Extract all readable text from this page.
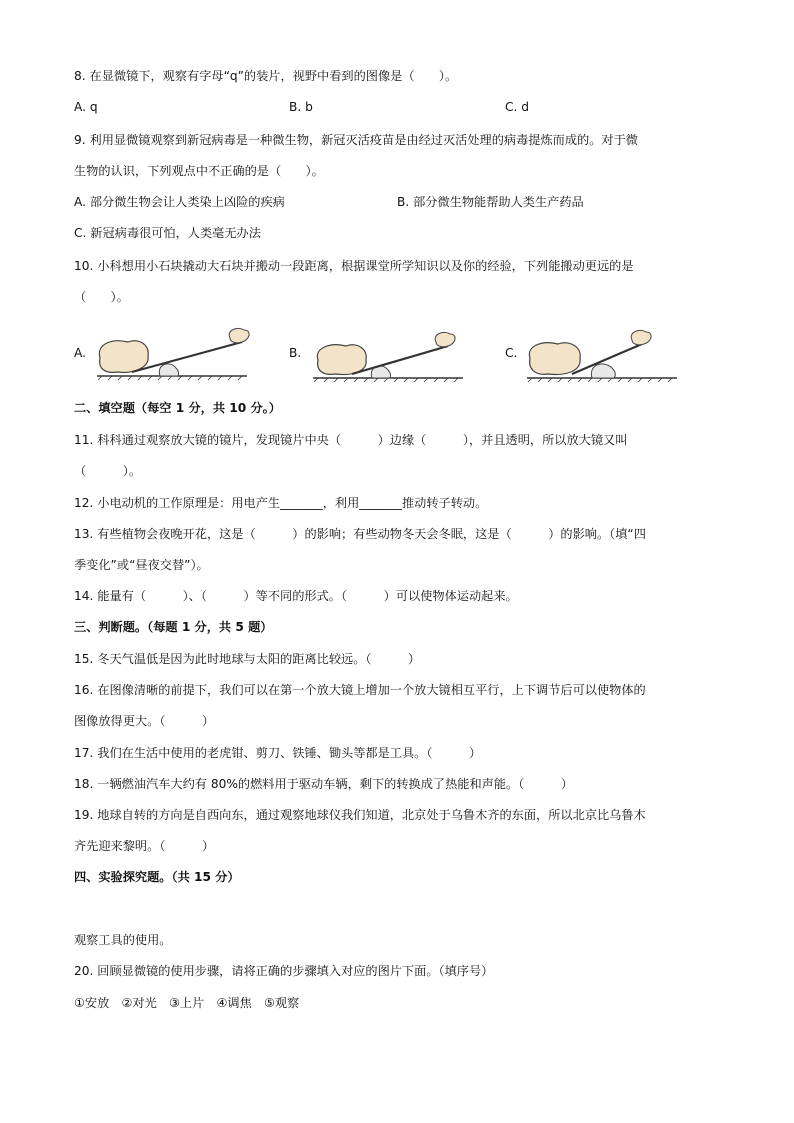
8. 在显微镜下，观察有字母“q”的装片，视野中看到的图像是（　　）。
A. q	B. b	C. d
9. 利用显微镜观察到新冠病毒是一种微生物，新冠灭活疫苗是由经过灭活处理的病毒提炼而成的。对于微
生物的认识，下列观点中不正确的是（　　）。
A. 部分微生物会让人类染上凶险的疾病	B. 部分微生物能帮助人类生产药品
C. 新冠病毒很可怕，人类毫无办法
10. 小科想用小石块撬动大石块并搬动一段距离，根据课堂所学知识以及你的经验，下列能搬动更远的是
（　　）。
A.	B.	C.
二、填空题（每空 1 分，共 10 分。）
11. 科科通过观察放大镜的镜片，发现镜片中央（　　　）边缘（　　　），并且透明，所以放大镜又叫
（　　　）。
12. 小电动机的工作原理是：用电产生_______，利用_______推动转子转动。
13. 有些植物会夜晚开花，这是（　　　）的影响；有些动物冬天会冬眠，这是（　　　）的影响。（填“四
季变化”或“昼夜交替”）。
14. 能量有（　　　）、（　　　）等不同的形式。（　　　）可以使物体运动起来。
三、判断题。（每题 1 分，共 5 题）
15. 冬天气温低是因为此时地球与太阳的距离比较远。（　　　）
16. 在图像清晰的前提下，我们可以在第一个放大镜上增加一个放大镜相互平行，上下调节后可以使物体的
图像放得更大。（　　　）
17. 我们在生活中使用的老虎钳、剪刀、铁锤、锄头等都是工具。（　　　）
18. 一辆燃油汽车大约有 80%的燃料用于驱动车辆，剩下的转换成了热能和声能。（　　　）
19. 地球自转的方向是自西向东，通过观察地球仪我们知道，北京处于乌鲁木齐的东面，所以北京比乌鲁木
齐先迎来黎明。（　　　）
四、实验探究题。（共 15 分）
观察工具的使用。
20. 回顾显微镜的使用步骤，请将正确的步骤填入对应的图片下面。（填序号）
①安放　②对光　③上片　④调焦　⑤观察
